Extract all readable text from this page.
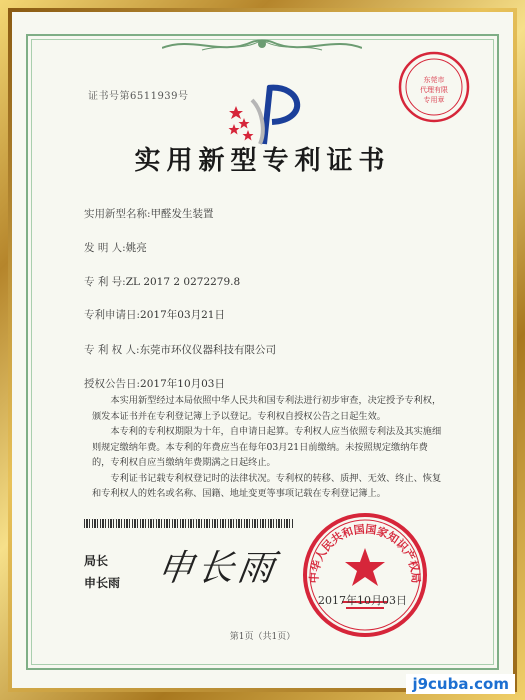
东莞市
代理有限
专用章
证书号第6511939号
实用新型专利证书
实用新型名称:甲醛发生装置
发 明 人:姚亮
专 利 号:ZL 2017 2 0272279.8
专利申请日:2017年03月21日
专 利 权 人:东莞市环仪仪器科技有限公司
授权公告日:2017年10月03日

本实用新型经过本局依照中华人民共和国专利法进行初步审查，决定授予专利权，颁发本证书并在专利登记簿上予以登记。专利权自授权公告之日起生效。

本专利的专利权期限为十年，自申请日起算。专利权人应当依照专利法及其实施细则规定缴纳年费。本专利的年费应当在每年03月21日前缴纳。未按照规定缴纳年费的，专利权自应当缴纳年费期满之日起终止。

专利证书记载专利权登记时的法律状况。专利权的转移、质押、无效、终止、恢复和专利权人的姓名或名称、国籍、地址变更等事项记载在专利登记簿上。

局长
申长雨 申长雨 中华人民共和国国家知识产权局
2017年10月03日
第1页（共1页）
j9cuba.com
